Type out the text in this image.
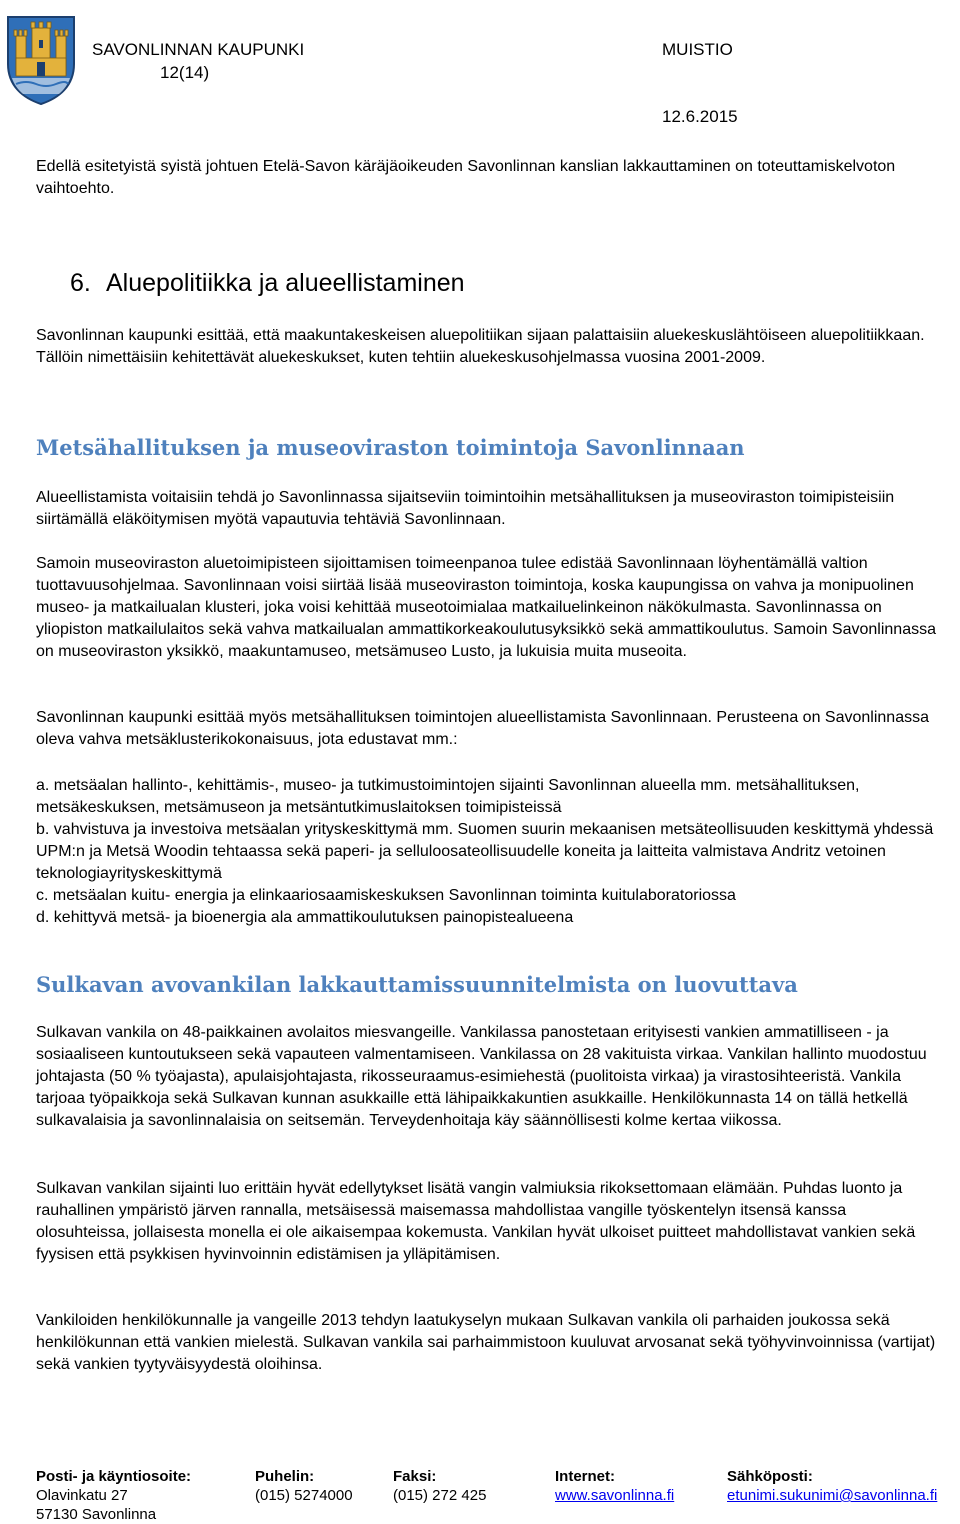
SAVONLINNAN KAUPUNKI	MUISTIO
12(14)
12.6.2015

Edellä esitetyistä syistä johtuen Etelä-Savon käräjäoikeuden Savonlinnan kanslian lakkauttaminen on toteuttamiskelvoton vaihtoehto.

6. Aluepolitiikka ja alueellistaminen

Savonlinnan kaupunki esittää, että maakuntakeskeisen aluepolitiikan sijaan palattaisiin aluekeskuslähtöiseen aluepolitiikkaan. Tällöin nimettäisiin kehitettävät aluekeskukset, kuten tehtiin aluekeskusohjelmassa vuosina 2001-2009.

Metsähallituksen ja museoviraston toimintoja Savonlinnaan

Alueellistamista voitaisiin tehdä jo Savonlinnassa sijaitseviin toimintoihin metsähallituksen ja museoviraston toimipisteisiin siirtämällä eläköitymisen myötä vapautuvia tehtäviä Savonlinnaan.

Samoin museoviraston aluetoimipisteen sijoittamisen toimeenpanoa tulee edistää Savonlinnaan löyhentämällä valtion tuottavuusohjelmaa. Savonlinnaan voisi siirtää lisää museoviraston toimintoja, koska kaupungissa on vahva ja monipuolinen museo- ja matkailualan klusteri, joka voisi kehittää museotoimialaa matkailuelinkeinon näkökulmasta. Savonlinnassa on yliopiston matkailulaitos sekä vahva matkailualan ammattikorkeakoulutusyksikkö sekä ammattikoulutus. Samoin Savonlinnassa on museoviraston yksikkö, maakuntamuseo, metsämuseo Lusto, ja lukuisia muita museoita.

Savonlinnan kaupunki esittää myös metsähallituksen toimintojen alueellistamista Savonlinnaan. Perusteena on Savonlinnassa oleva vahva metsäklusterikokonaisuus, jota edustavat mm.:

a. metsäalan hallinto-, kehittämis-, museo- ja tutkimustoimintojen sijainti Savonlinnan alueella mm. metsähallituksen, metsäkeskuksen, metsämuseon ja metsäntutkimuslaitoksen toimipisteissä
b. vahvistuva ja investoiva metsäalan yrityskeskittymä mm. Suomen suurin mekaanisen metsäteollisuuden keskittymä yhdessä UPM:n ja Metsä Woodin tehtaassa sekä paperi- ja selluloosateollisuudelle koneita ja laitteita valmistava Andritz vetoinen teknologiayrityskeskittymä
c. metsäalan kuitu- energia ja elinkaariosaamiskeskuksen Savonlinnan toiminta kuitulaboratoriossa
d. kehittyvä metsä- ja bioenergia ala ammattikoulutuksen painopistealueena

Sulkavan avovankilan lakkauttamissuunnitelmista on luovuttava

Sulkavan vankila on 48-paikkainen avolaitos miesvangeille. Vankilassa panostetaan erityisesti vankien ammatilliseen - ja sosiaaliseen kuntoutukseen sekä vapauteen valmentamiseen. Vankilassa on 28 vakituista virkaa. Vankilan hallinto muodostuu johtajasta (50 % työajasta), apulaisjohtajasta, rikosseuraamus-esimiehestä (puolitoista virkaa) ja virastosihteeristä. Vankila tarjoaa työpaikkoja sekä Sulkavan kunnan asukkaille että lähipaikkakuntien asukkaille. Henkilökunnasta 14 on tällä hetkellä sulkavalaisia ja savonlinnalaisia on seitsemän. Terveydenhoitaja käy säännöllisesti kolme kertaa viikossa.

Sulkavan vankilan sijainti luo erittäin hyvät edellytykset lisätä vangin valmiuksia rikoksettomaan elämään. Puhdas luonto ja rauhallinen ympäristö järven rannalla, metsäisessä maisemassa mahdollistaa vangille työskentelyn itsensä kanssa olosuhteissa, jollaisesta monella ei ole aikaisempaa kokemusta. Vankilan hyvät ulkoiset puitteet mahdollistavat vankien sekä fyysisen että psykkisen hyvinvoinnin edistämisen ja ylläpitämisen.

Vankiloiden henkilökunnalle ja vangeille 2013 tehdyn laatukyselyn mukaan Sulkavan vankila oli parhaiden joukossa sekä henkilökunnan että vankien mielestä. Sulkavan vankila sai parhaimmistoon kuuluvat arvosanat sekä työhyvinvoinnissa (vartijat) sekä vankien tyytyväisyydestä oloihinsa.

Posti- ja käyntiosoite:
Olavinkatu 27
57130 Savonlinna
Puhelin:
(015) 5274000
Faksi:
(015) 272 425
Internet:
www.savonlinna.fi
Sähköposti:
etunimi.sukunimi@savonlinna.fi
